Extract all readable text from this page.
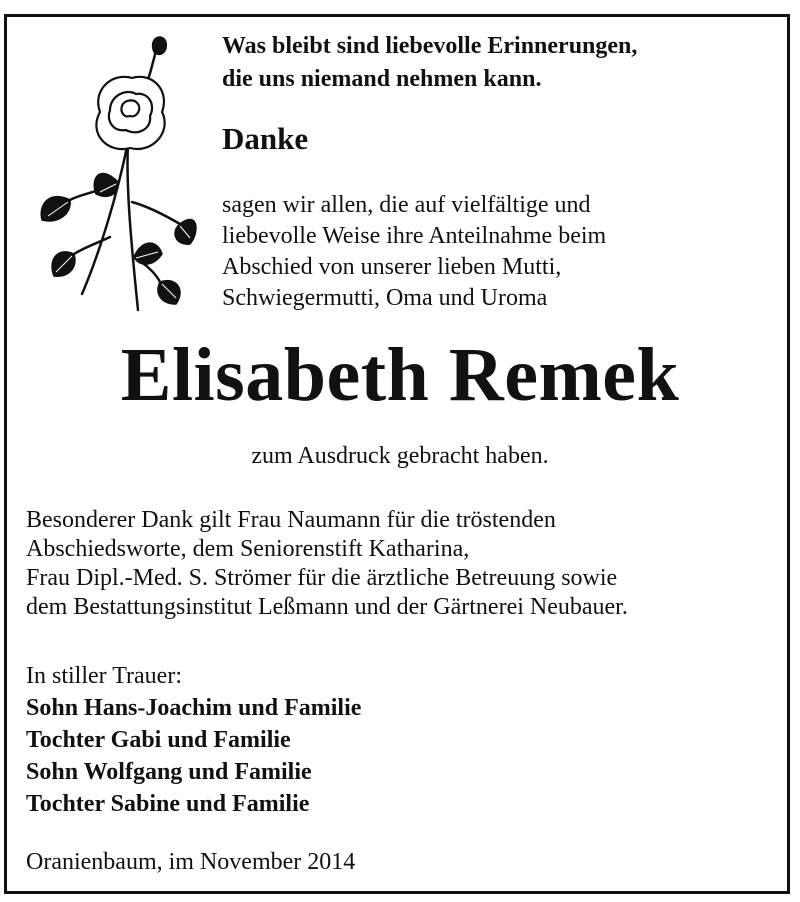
Was bleibt sind liebevolle Erinnerungen,
die uns niemand nehmen kann.
Danke
sagen wir allen, die auf vielfältige und
liebevolle Weise ihre Anteilnahme beim
Abschied von unserer lieben Mutti,
Schwiegermutti, Oma und Uroma
Elisabeth Remek
zum Ausdruck gebracht haben.
Besonderer Dank gilt Frau Naumann für die tröstenden
Abschiedsworte, dem Seniorenstift Katharina,
Frau Dipl.-Med. S. Strömer für die ärztliche Betreuung sowie
dem Bestattungsinstitut Leßmann und der Gärtnerei Neubauer.
In stiller Trauer:
Sohn Hans-Joachim und Familie
Tochter Gabi und Familie
Sohn Wolfgang und Familie
Tochter Sabine und Familie
Oranienbaum, im November 2014
